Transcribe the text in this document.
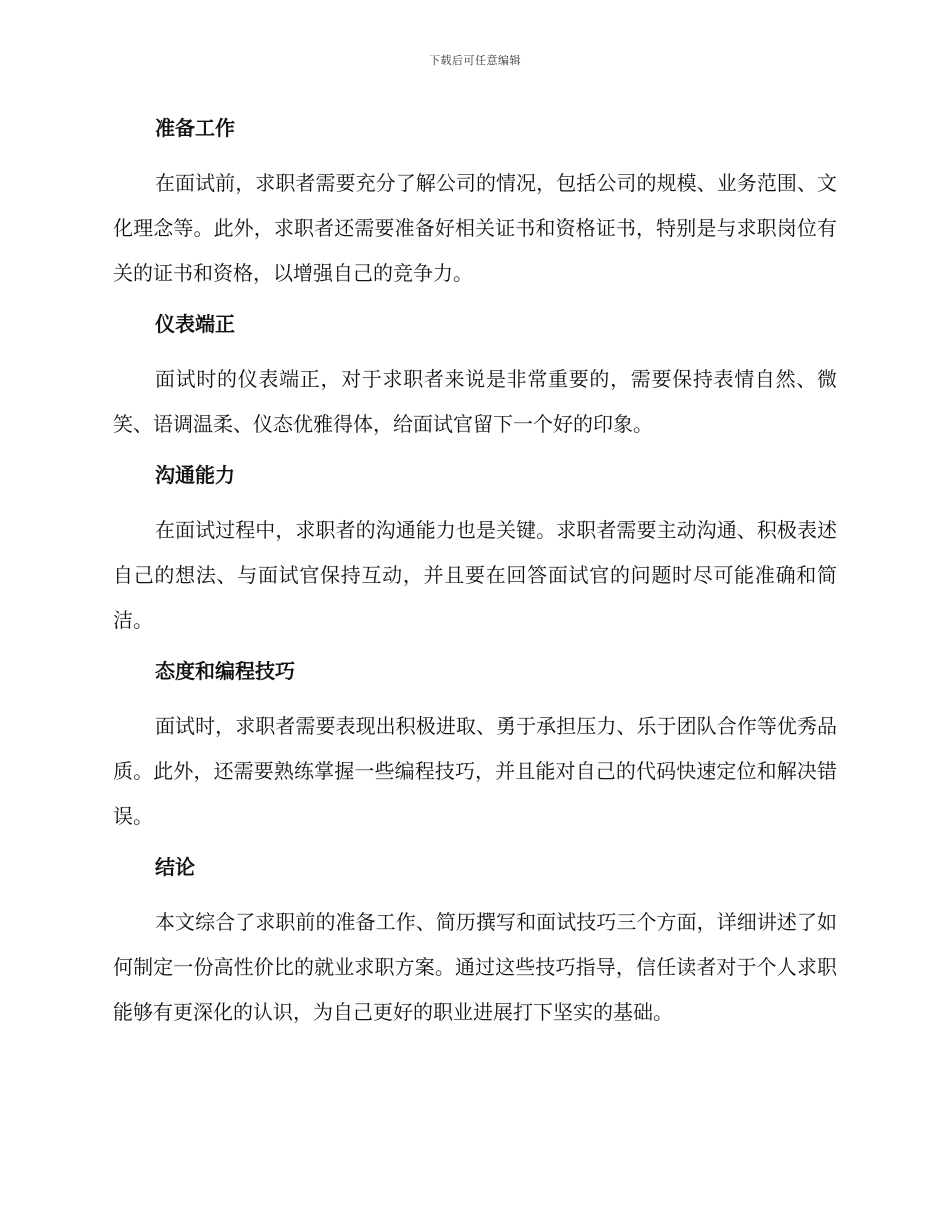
下载后可任意编辑
准备工作

在面试前，求职者需要充分了解公司的情况，包括公司的规模、业务范围、文化理念等。此外，求职者还需要准备好相关证书和资格证书，特别是与求职岗位有关的证书和资格，以增强自己的竞争力。

仪表端正

面试时的仪表端正，对于求职者来说是非常重要的，需要保持表情自然、微笑、语调温柔、仪态优雅得体，给面试官留下一个好的印象。

沟通能力

在面试过程中，求职者的沟通能力也是关键。求职者需要主动沟通、积极表述自己的想法、与面试官保持互动，并且要在回答面试官的问题时尽可能准确和简洁。

态度和编程技巧

面试时，求职者需要表现出积极进取、勇于承担压力、乐于团队合作等优秀品质。此外，还需要熟练掌握一些编程技巧，并且能对自己的代码快速定位和解决错误。

结论

本文综合了求职前的准备工作、简历撰写和面试技巧三个方面，详细讲述了如何制定一份高性价比的就业求职方案。通过这些技巧指导，信任读者对于个人求职能够有更深化的认识，为自己更好的职业进展打下坚实的基础。
